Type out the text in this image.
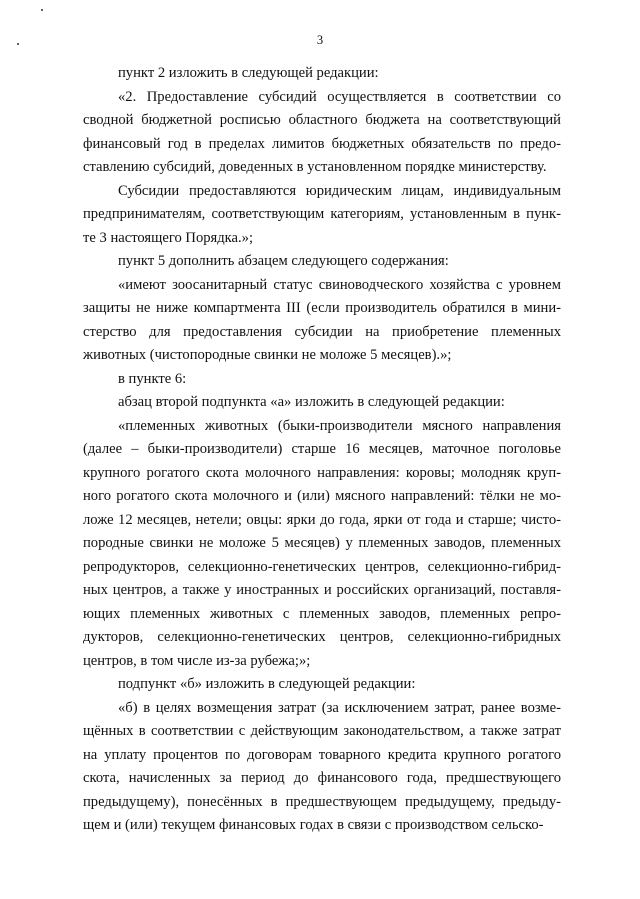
3
пункт 2 изложить в следующей редакции:
«2. Предоставление субсидий осуществляется в соответствии со
сводной бюджетной росписью областного бюджета на соответствующий
финансовый год в пределах лимитов бюджетных обязательств по предо-
ставлению субсидий, доведенных в установленном порядке министерству.
Субсидии предоставляются юридическим лицам, индивидуальным
предпринимателям, соответствующим категориям, установленным в пунк-
те 3 настоящего Порядка.»;
пункт 5 дополнить абзацем следующего содержания:
«имеют зоосанитарный статус свиноводческого хозяйства с уровнем
защиты не ниже компартмента III (если производитель обратился в мини-
стерство для предоставления субсидии на приобретение племенных
животных (чистопородные свинки не моложе 5 месяцев).»;
в пункте 6:
абзац второй подпункта «а» изложить в следующей редакции:
«племенных животных (быки-производители мясного направления
(далее – быки-производители) старше 16 месяцев, маточное поголовье
крупного рогатого скота молочного направления: коровы; молодняк круп-
ного рогатого скота молочного и (или) мясного направлений: тёлки не мо-
ложе 12 месяцев, нетели; овцы: ярки до года, ярки от года и старше; чисто-
породные свинки не моложе 5 месяцев) у племенных заводов, племенных
репродукторов, селекционно-генетических центров, селекционно-гибрид-
ных центров, а также у иностранных и российских организаций, поставля-
ющих племенных животных с племенных заводов, племенных репро-
дукторов, селекционно-генетических центров, селекционно-гибридных
центров, в том числе из-за рубежа;»;
подпункт «б» изложить в следующей редакции:
«б) в целях возмещения затрат (за исключением затрат, ранее возме-
щённых в соответствии с действующим законодательством, а также затрат
на уплату процентов по договорам товарного кредита крупного рогатого
скота, начисленных за период до финансового года, предшествующего
предыдущему), понесённых в предшествующем предыдущему, предыду-
щем и (или) текущем финансовых годах в связи с производством сельско-
